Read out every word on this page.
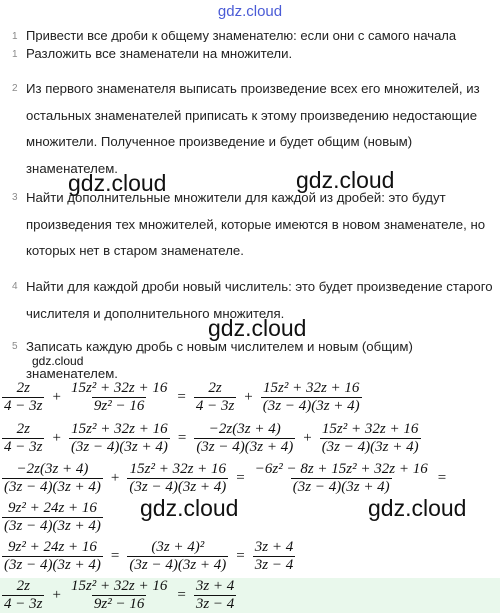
gdz.cloud
1 Привести все дроби к общему знаменателю: если они с самого начала
1 Разложить все знаменатели на множители.
2 Из первого знаменателя выписать произведение всех его множителей, из остальных знаменателей приписать к этому произведению недостающие множители. Полученное произведение и будет общим (новым) знаменателем.
3 Найти дополнительные множители для каждой из дробей: это будут произведения тех множителей, которые имеются в новом знаменателе, но которых нет в старом знаменателе.
4 Найти для каждой дроби новый числитель: это будет произведение старого числителя и дополнительного множителя.
5 Записать каждую дробь с новым числителем и новым (общим) знаменателем.
gdz.cloud	gdz.cloud
gdz.cloud
gdz.cloud
$\frac{2z}{4 - 3z} + \frac{\text{15z² + 32z + 16}}{\text{9z² − 16}} = \frac{2z}{4 - 3z} + \frac{\text{15z² + 32z + 16}}{(3z - 4)(3z + 4)}$
$\frac{2z}{4 - 3z} + \frac{\text{15z² + 32z + 16}}{(3z - 4)(3z + 4)} = \frac{-2z(3z + 4)}{(3z - 4)(3z + 4)} + \frac{\text{15z² + 32z + 16}}{(3z - 4)(3z + 4)}$
$\frac{-2z(3z + 4)}{(3z - 4)(3z + 4)} + \frac{\text{15z² + 32z + 16}}{(3z - 4)(3z + 4)} = \frac{\text{−6z² − 8z + 15z² + 32z + 16}}{(3z - 4)(3z + 4)}$ =
$\frac{\text{9z² + 24z + 16}}{(3z - 4)(3z + 4)}$ gdz.cloud	gdz.cloud
$\frac{\text{9z² + 24z + 16}}{(3z - 4)(3z + 4)} = \frac{\text{(3z + 4)²}}{(3z - 4)(3z + 4)} = \frac{3z + 4}{3z - 4}$
$\frac{2z}{4 - 3z} + \frac{\text{15z² + 32z + 16}}{\text{9z² − 16}} = \frac{3z + 4}{3z - 4}$
